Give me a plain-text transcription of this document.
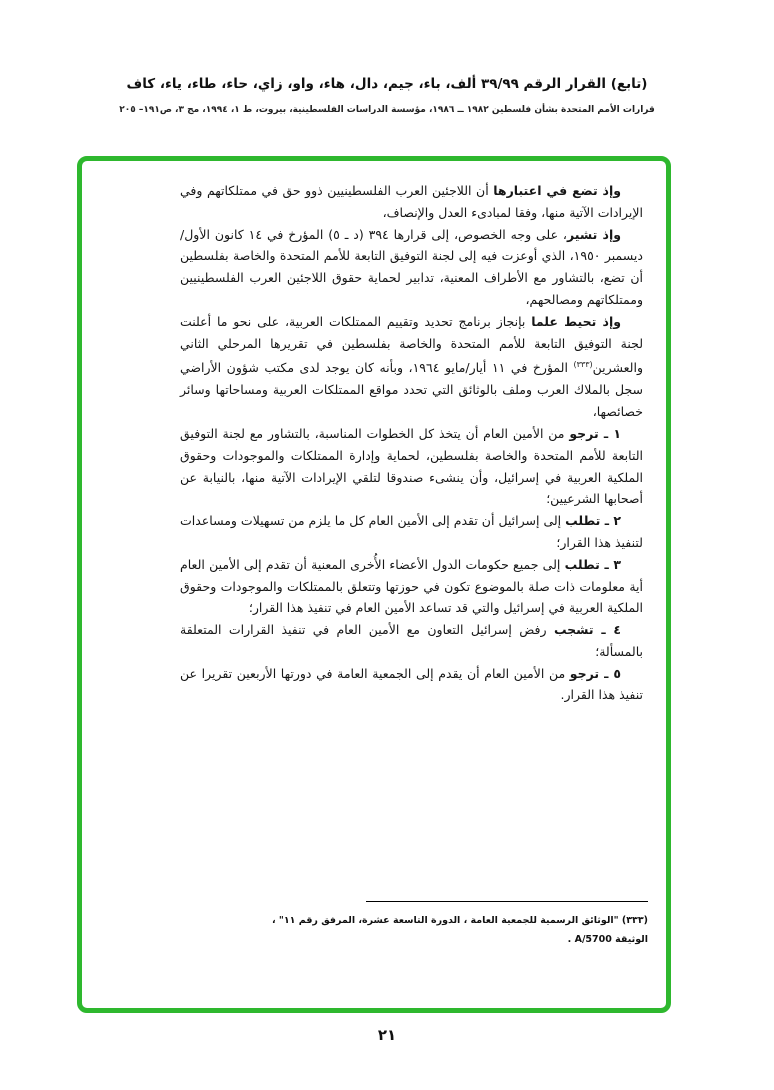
(تابع) القرار الرقم ٣٩/٩٩ ألف، باء، جيم، دال، هاء، واو، زاي، حاء، طاء، ياء، كاف
قرارات الأمم المتحدة بشأن فلسطين ١٩٨٢ ــ ١٩٨٦، مؤسسة الدراسات الفلسطينية، بيروت، ط ١، ١٩٩٤، مج ٣، ص١٩١– ٢٠٥

وإذ تضع في اعتبارها أن اللاجئين العرب الفلسطينيين ذوو حق في ممتلكاتهم وفي الإيرادات الآتية منها، وفقا لمبادىء العدل والإنصاف،

وإذ تشير، على وجه الخصوص، إلى قرارها ٣٩٤ (د ـ ٥) المؤرخ في ١٤ كانون الأول/ديسمبر ١٩٥٠، الذي أوعزت فيه إلى لجنة التوفيق التابعة للأمم المتحدة والخاصة بفلسطين أن تضع، بالتشاور مع الأطراف المعنية، تدابير لحماية حقوق اللاجئين العرب الفلسطينيين وممتلكاتهم ومصالحهم،

وإذ تحيط علما بإنجاز برنامج تحديد وتقييم الممتلكات العربية، على نحو ما أعلنت لجنة التوفيق التابعة للأمم المتحدة والخاصة بفلسطين في تقريرها المرحلي الثاني والعشرين$^{(٣٣٣)}$ المؤرخ في ١١ أيار/مايو ١٩٦٤، وبأنه كان يوجد لدى مكتب شؤون الأراضي سجل بالملاك العرب وملف بالوثائق التي تحدد مواقع الممتلكات العربية ومساحاتها وسائر خصائصها،

١ ـ ترجو من الأمين العام أن يتخذ كل الخطوات المناسبة، بالتشاور مع لجنة التوفيق التابعة للأمم المتحدة والخاصة بفلسطين، لحماية وإدارة الممتلكات والموجودات وحقوق الملكية العربية في إسرائيل، وأن ينشىء صندوقا لتلقي الإيرادات الآتية منها، بالنيابة عن أصحابها الشرعيين؛

٢ ـ تطلب إلى إسرائيل أن تقدم إلى الأمين العام كل ما يلزم من تسهيلات ومساعدات لتنفيذ هذا القرار؛

٣ ـ تطلب إلى جميع حكومات الدول الأعضاء الأُخرى المعنية أن تقدم إلى الأمين العام أية معلومات ذات صلة بالموضوع تكون في حوزتها وتتعلق بالممتلكات والموجودات وحقوق الملكية العربية في إسرائيل والتي قد تساعد الأمين العام في تنفيذ هذا القرار؛

٤ ـ تشجب رفض إسرائيل التعاون مع الأمين العام في تنفيذ القرارات المتعلقة بالمسألة؛

٥ ـ ترجو من الأمين العام أن يقدم إلى الجمعية العامة في دورتها الأربعين تقريرا عن تنفيذ هذا القرار.

(٣٣٣) "الوثائق الرسمية للجمعية العامة ، الدورة التاسعة عشرة، المرفق رقم ١١" ،
الوثيقة A/5700 .
٢١
